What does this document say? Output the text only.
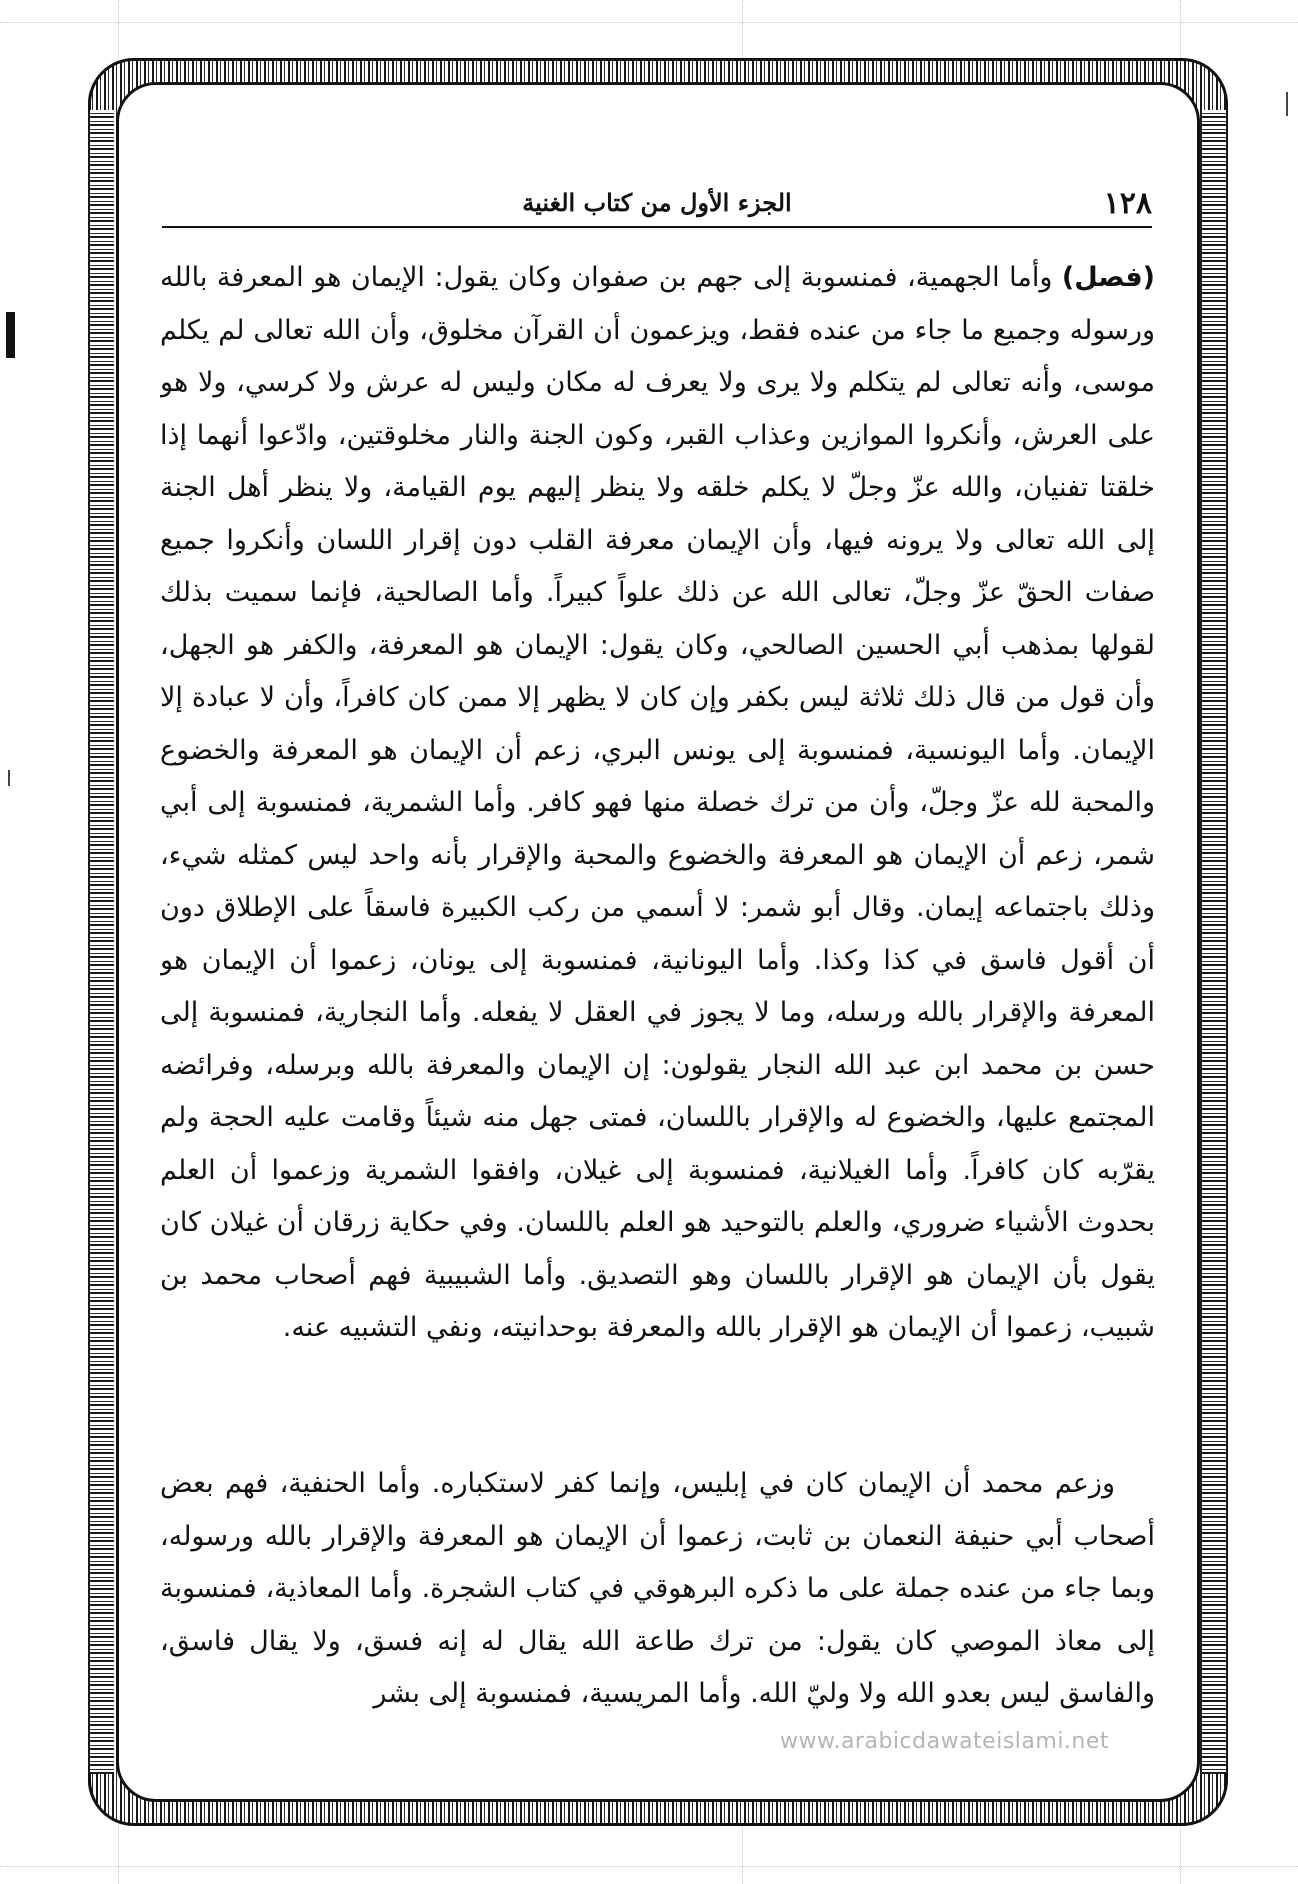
١٢٨
الجزء الأول من كتاب الغنية

(فصل) وأما الجهمية، فمنسوبة إلى جهم بن صفوان وكان يقول: الإيمان هو المعرفة بالله ورسوله وجميع ما جاء من عنده فقط، ويزعمون أن القرآن مخلوق، وأن الله تعالى لم يكلم موسى، وأنه تعالى لم يتكلم ولا يرى ولا يعرف له مكان وليس له عرش ولا كرسي، ولا هو على العرش، وأنكروا الموازين وعذاب القبر، وكون الجنة والنار مخلوقتين، وادّعوا أنهما إذا خلقتا تفنيان، والله عزّ وجلّ لا يكلم خلقه ولا ينظر إليهم يوم القيامة، ولا ينظر أهل الجنة إلى الله تعالى ولا يرونه فيها، وأن الإيمان معرفة القلب دون إقرار اللسان وأنكروا جميع صفات الحقّ عزّ وجلّ، تعالى الله عن ذلك علواً كبيراً. وأما الصالحية، فإنما سميت بذلك لقولها بمذهب أبي الحسين الصالحي، وكان يقول: الإيمان هو المعرفة، والكفر هو الجهل، وأن قول من قال ذلك ثلاثة ليس بكفر وإن كان لا يظهر إلا ممن كان كافراً، وأن لا عبادة إلا الإيمان. وأما اليونسية، فمنسوبة إلى يونس البري، زعم أن الإيمان هو المعرفة والخضوع والمحبة لله عزّ وجلّ، وأن من ترك خصلة منها فهو كافر. وأما الشمرية، فمنسوبة إلى أبي شمر، زعم أن الإيمان هو المعرفة والخضوع والمحبة والإقرار بأنه واحد ليس كمثله شيء، وذلك باجتماعه إيمان. وقال أبو شمر: لا أسمي من ركب الكبيرة فاسقاً على الإطلاق دون أن أقول فاسق في كذا وكذا. وأما اليونانية، فمنسوبة إلى يونان، زعموا أن الإيمان هو المعرفة والإقرار بالله ورسله، وما لا يجوز في العقل لا يفعله. وأما النجارية، فمنسوبة إلى حسن بن محمد ابن عبد الله النجار يقولون: إن الإيمان والمعرفة بالله وبرسله، وفرائضه المجتمع عليها، والخضوع له والإقرار باللسان، فمتى جهل منه شيئاً وقامت عليه الحجة ولم يقرّبه كان كافراً. وأما الغيلانية، فمنسوبة إلى غيلان، وافقوا الشمرية وزعموا أن العلم بحدوث الأشياء ضروري، والعلم بالتوحيد هو العلم باللسان. وفي حكاية زرقان أن غيلان كان يقول بأن الإيمان هو الإقرار باللسان وهو التصديق. وأما الشبيبية فهم أصحاب محمد بن شبيب، زعموا أن الإيمان هو الإقرار بالله والمعرفة بوحدانيته، ونفي التشبيه عنه.

وزعم محمد أن الإيمان كان في إبليس، وإنما كفر لاستكباره. وأما الحنفية، فهم بعض أصحاب أبي حنيفة النعمان بن ثابت، زعموا أن الإيمان هو المعرفة والإقرار بالله ورسوله، وبما جاء من عنده جملة على ما ذكره البرهوقي في كتاب الشجرة. وأما المعاذية، فمنسوبة إلى معاذ الموصي كان يقول: من ترك طاعة الله يقال له إنه فسق، ولا يقال فاسق، والفاسق ليس بعدو الله ولا وليّ الله. وأما المريسية، فمنسوبة إلى بشر

www.arabicdawateislami.net
